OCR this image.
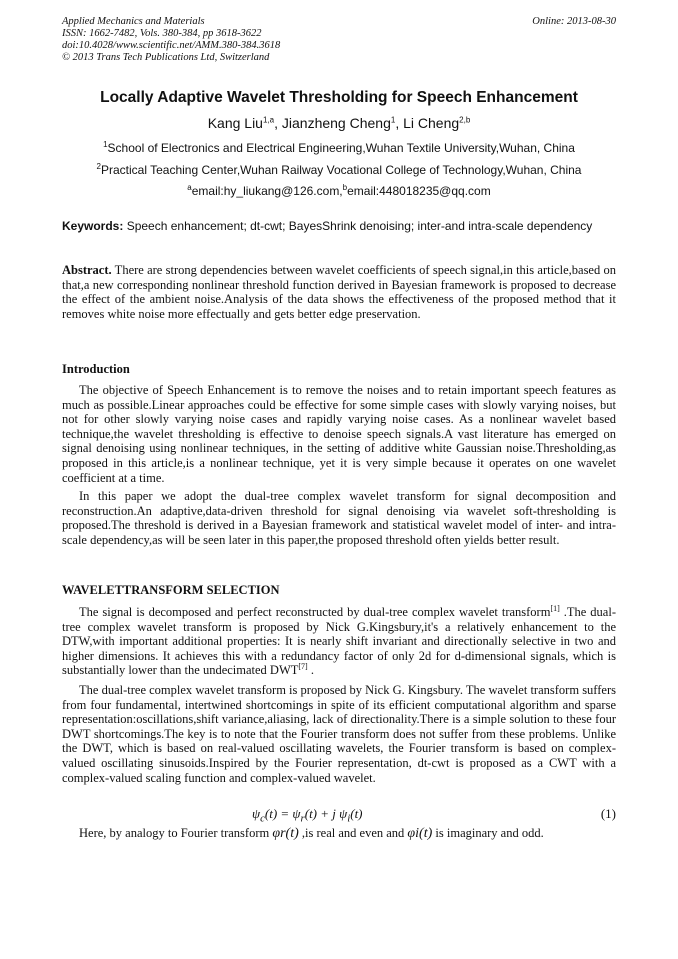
Applied Mechanics and Materials
ISSN: 1662-7482, Vols. 380-384, pp 3618-3622
doi:10.4028/www.scientific.net/AMM.380-384.3618
© 2013 Trans Tech Publications Ltd, Switzerland
Online: 2013-08-30
Locally Adaptive Wavelet Thresholding for Speech Enhancement
Kang Liu$^{1,a}$, Jianzheng Cheng$^1$, Li Cheng$^{2,b}$
$^1$School of Electronics and Electrical Engineering,Wuhan Textile University,Wuhan, China
$^2$Practical Teaching Center,Wuhan Railway Vocational College of Technology,Wuhan, China
$^a$email:hy_liukang@126.com,$^b$email:448018235@qq.com
Keywords: Speech enhancement; dt-cwt; BayesShrink denoising; inter-and intra-scale dependency
Abstract. There are strong dependencies between wavelet coefficients of speech signal,in this article,based on that,a new corresponding nonlinear threshold function derived in Bayesian framework is proposed to decrease the effect of the ambient noise.Analysis of the data shows the effectiveness of the proposed method that it removes white noise more effectually and gets better edge preservation.
Introduction

The objective of Speech Enhancement is to remove the noises and to retain important speech features as much as possible.Linear approaches could be effective for some simple cases with slowly varying noises, but not for other slowly varying noise cases and rapidly varying noise cases. As a nonlinear wavelet based technique,the wavelet thresholding is effective to denoise speech signals.A vast literature has emerged on signal denoising using nonlinear techniques, in the setting of additive white Gaussian noise.Thresholding,as proposed in this article,is a nonlinear technique, yet it is very simple because it operates on one wavelet coefficient at a time.

In this paper we adopt the dual-tree complex wavelet transform for signal decomposition and reconstruction.An adaptive,data-driven threshold for signal denoising via wavelet soft-thresholding is proposed.The threshold is derived in a Bayesian framework and statistical wavelet model of inter- and intra-scale dependency,as will be seen later in this paper,the proposed threshold often yields better result.

WAVELETTRANSFORM SELECTION

The signal is decomposed and perfect reconstructed by dual-tree complex wavelet transform[1] .The dual-tree complex wavelet transform is proposed by Nick G.Kingsbury,it's a relatively enhancement to the DTW,with important additional properties: It is nearly shift invariant and directionally selective in two and higher dimensions. It achieves this with a redundancy factor of only 2d for d-dimensional signals, which is substantially lower than the undecimated DWT[7] .

The dual-tree complex wavelet transform is proposed by Nick G. Kingsbury. The wavelet transform suffers from four fundamental, intertwined shortcomings in spite of its efficient computational algorithm and sparse representation:oscillations,shift variance,aliasing, lack of directionality.There is a simple solution to these four DWT shortcomings.The key is to note that the Fourier transform does not suffer from these problems. Unlike the DWT, which is based on real-valued oscillating wavelets, the Fourier transform is based on complex-valued oscillating sinusoids.Inspired by the Fourier representation, dt-cwt is proposed as a CWT with a complex-valued scaling function and complex-valued wavelet.

$\psi_c(t) = \psi_r(t) + j$ $\psi_i(t)$	(1)
Here, by analogy to Fourier transform φr(t) ,is real and even and φi(t) is imaginary and odd.
